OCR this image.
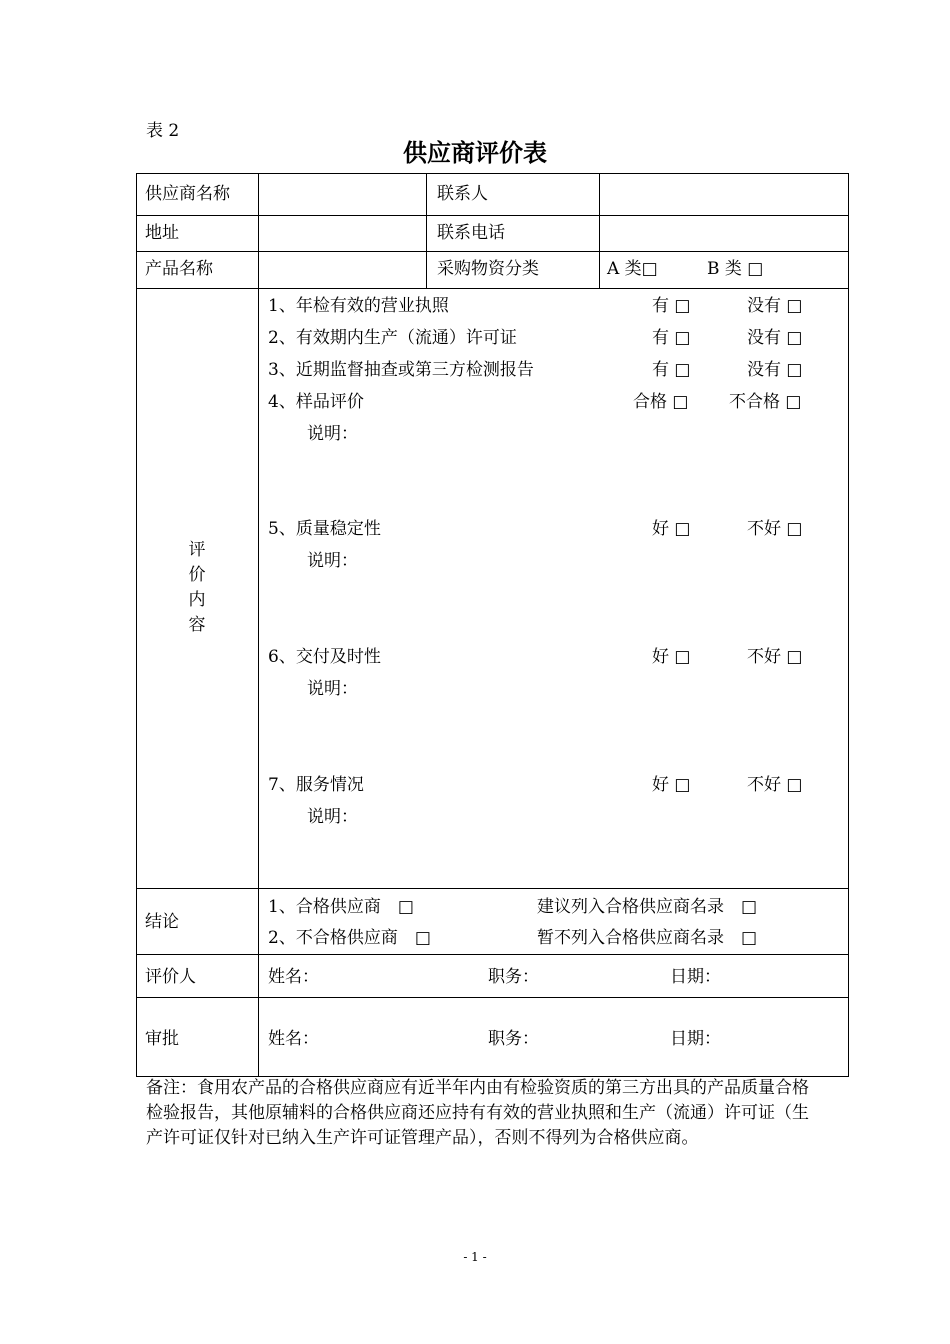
表 2
供应商评价表
供应商名称	联系人
地址	联系电话
产品名称	采购物资分类	A 类□	B 类 □
评
价
内
容
1、年检有效的营业执照	有 □	没有 □
2、有效期内生产（流通）许可证	有 □	没有 □
3、近期监督抽查或第三方检测报告	有 □	没有 □
4、样品评价	合格 □ 不合格 □
说明：
5、质量稳定性	好 □	不好 □
说明：
6、交付及时性	好 □	不好 □
说明：
7、服务情况	好 □	不好 □
说明：
结论
1、合格供应商　□	建议列入合格供应商名录　□
2、不合格供应商　□	暂不列入合格供应商名录　□
评价人	姓名：	职务：	日期：
审批	姓名：	职务：	日期：
备注：食用农产品的合格供应商应有近半年内由有检验资质的第三方出具的产品质量合格检验报告，其他原辅料的合格供应商还应持有有效的营业执照和生产（流通）许可证（生产许可证仅针对已纳入生产许可证管理产品），否则不得列为合格供应商。
- 1 -
